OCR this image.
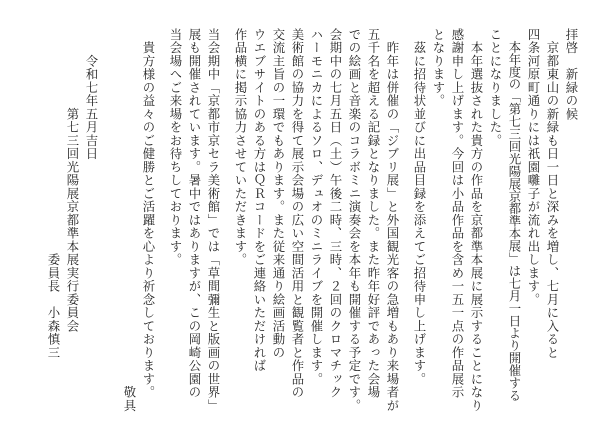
拝啓　新緑の候
　京都東山の新緑も日一日と深みを増し、七月に入ると
四条河原町通りには祇園囃子が流れ出します。
　本年度の「第七三回光陽展京都準本展」は七月一日より開催する
ことになりました。
　本年選抜された貴方の作品を京都準本展に展示することになり
感謝申し上げます。今回は小品作品を含め一五一点の作品展示
となります。
　茲に招待状並びに出品目録を添えてご招待申し上げます。
　昨年は併催の「ジブリ展」と外国観光客の急増もあり来場者が
五千名を超える記録となりました。また昨年好評であった会場
での絵画と音楽のコラボミニ演奏会を本年も開催する予定です。
会期中の七月五日（土）午後二時、三時、２回のクロマチック
ハーモニカによるソロ、デュオのミニライブを開催します。
美術館の協力を得て展示会場の広い空間活用と観覧者と作品の
交流主旨の一環でもあります。また従来通り絵画活動の
ウエブサイトのある方はＱＲコードをご連絡いただければ
作品横に掲示協力させていただきます。
当会期中「京都市京セラ美術館」では「草間彌生と版画の世界」
展も開催されています。暑中ではありますが、この岡崎公園の
当会場へご来場をお待ちしております。
　貴方様の益々のご健勝とご活躍を心より祈念しております。
　　　　　　　　　　　　　　　　　　　　　　　　　　　敬具
　　令和七年五月吉日
　　　　　　第七三回光陽展京都準本展実行委員会
　　　　　　　　　　　　　　　　　委員長　小森慎三
